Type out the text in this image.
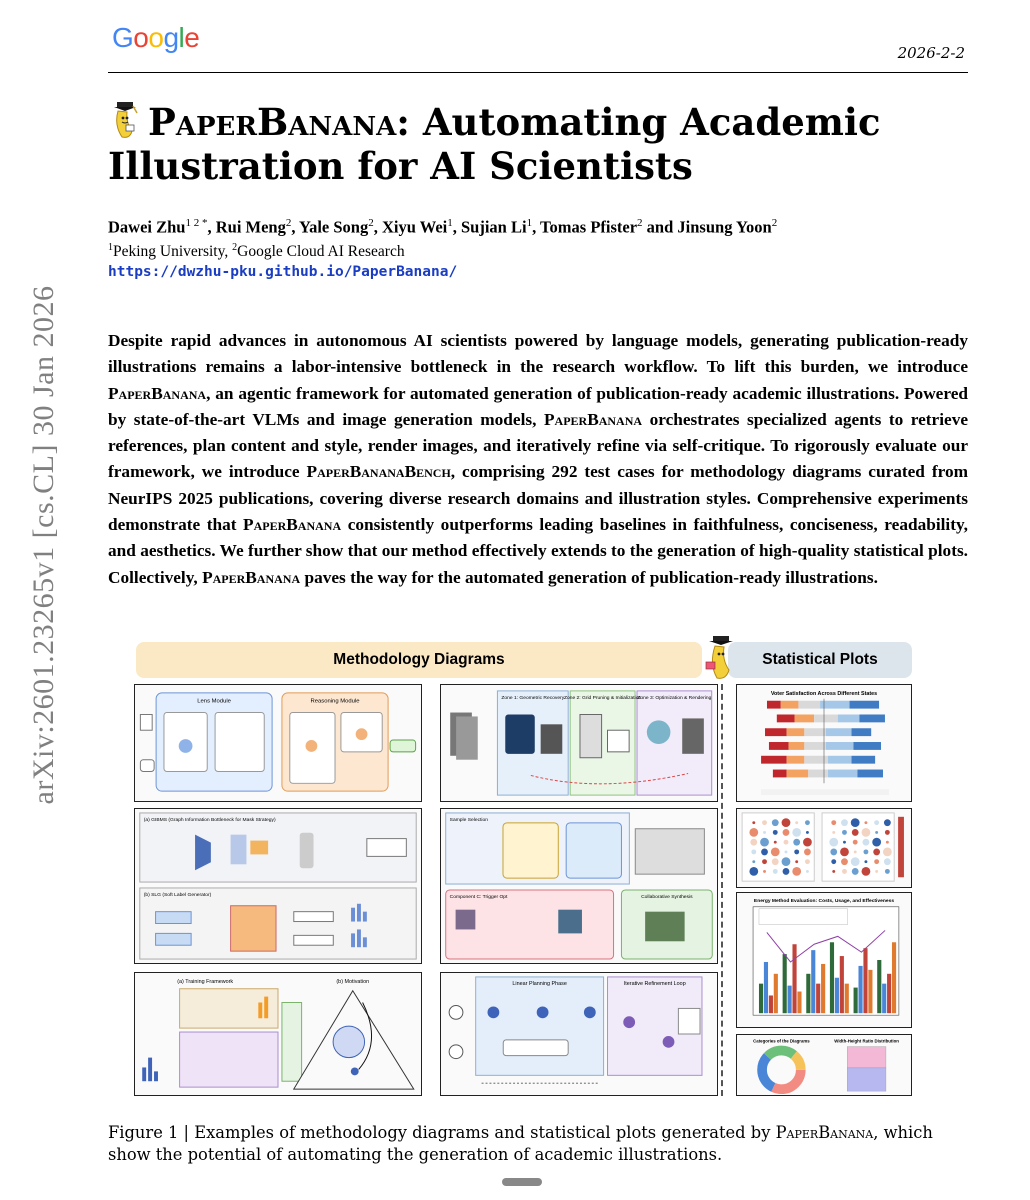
Google	2026-2-2
arXiv:2601.23265v1 [cs.CL] 30 Jan 2026
PaperBanana: Automating Academic
Illustration for AI Scientists
Dawei Zhu$^{1 2 *}$, Rui Meng$^2$, Yale Song$^2$, Xiyu Wei$^1$, Sujian Li$^1$, Tomas Pfister$^2$ and Jinsung Yoon$^2$
$^1$Peking University, $^2$Google Cloud AI Research
https://dwzhu-pku.github.io/PaperBanana/
Despite rapid advances in autonomous AI scientists powered by language models, generating publication-ready illustrations remains a labor-intensive bottleneck in the research workflow. To lift this burden, we introduce PaperBanana, an agentic framework for automated generation of publication-ready academic illustrations. Powered by state-of-the-art VLMs and image generation models, PaperBanana orchestrates specialized agents to retrieve references, plan content and style, render images, and iteratively refine via self-critique. To rigorously evaluate our framework, we introduce PaperBananaBench, comprising 292 test cases for methodology diagrams curated from NeurIPS 2025 publications, covering diverse research domains and illustration styles. Comprehensive experiments demonstrate that PaperBanana consistently outperforms leading baselines in faithfulness, conciseness, readability, and aesthetics. We further show that our method effectively extends to the generation of high-quality statistical plots. Collectively, PaperBanana paves the way for the automated generation of publication-ready illustrations.
Methodology Diagrams	Statistical Plots
Lens Module	Reasoning Module
Zone 1: Geometric Recovery Zone 2: Grid Pruning & Initialization
Zone 3: Optimization & Rendering
(a) GIBMS (Graph Information Bottleneck for Mask Strategy)
(b) SLG (Soft Label Generator)
Sample Selection
Component C: Trigger Opt	Collaborative Synthesis
(a) Training Framework	(b) Motivation	Linear Planning Phase	Iterative Refinement Loop
Voter Satisfaction Across Different States
Energy Method Evaluation: Costs, Usage, and Effectiveness
Categories of the Diagrams	Width-Height Ratio Distribution
Figure 1 | Examples of methodology diagrams and statistical plots generated by PaperBanana, which show the potential of automating the generation of academic illustrations.
